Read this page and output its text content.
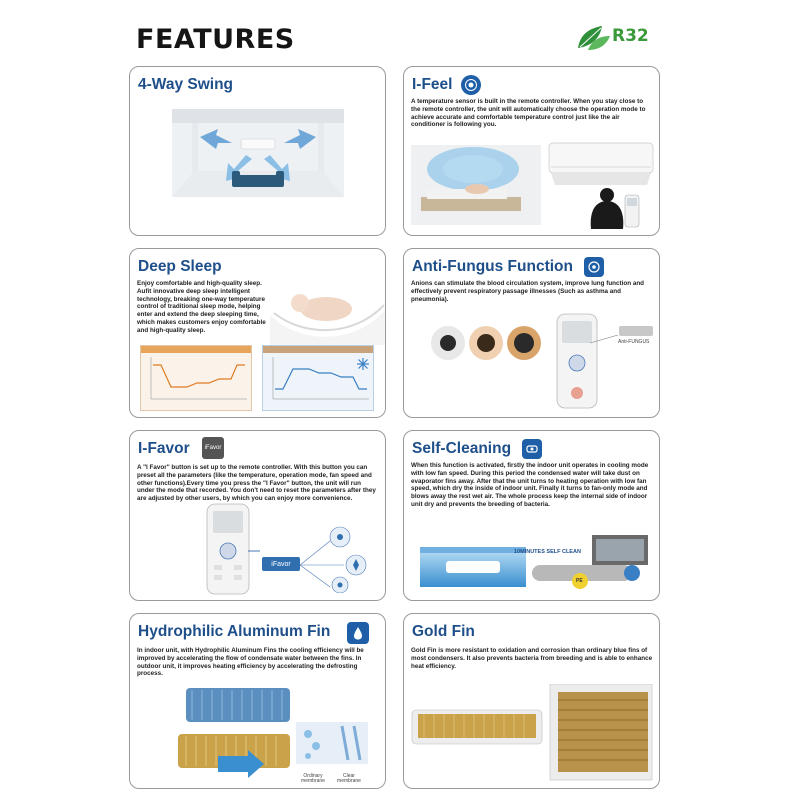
FEATURES	R32
4-Way Swing	I-Feel
A temperature sensor is built in the remote controller. When you stay close to the remote controller, the unit will automatically choose the operation mode to achieve accurate and comfortable temperature control just like the air conditioner is following you.
Deep Sleep
Enjoy comfortable and high-quality sleep. Aufit innovative deep sleep intelligent technology, breaking one-way temperature control of traditional sleep mode, helping enter and extend the deep sleeping time, which makes customers enjoy comfortable and high-quality sleep.
Anti-Fungus Function
Anions can stimulate the blood circulation system, improve lung function and effectively prevent respiratory passage illnesses (Such as asthma and pneumonia).
Anti-FUNGUS
I-Favor iFavor
A "I Favor" button is set up to the remote controller. With this button you can preset all the parameters (like the temperature, operation mode, fan speed and other functions).Every time you press the "I Favor" button, the unit will run under the mode that recorded. You don't need to reset the parameters after they are adjusted by other users, by which you can enjoy more convenience.
iFavor
Self-Cleaning
When this function is activated, firstly the indoor unit operates in cooling mode with low fan speed. During this period the condensed water will take dust on evaporator fins away. After that the unit turns to heating operation with low fan speed, which dry the inside of indoor unit. Finally it turns to fan-only mode and blows away the rest wet air. The whole process keep the internal side of indoor unit dry and prevents the breeding of bacteria.
10MINUTES SELF CLEAN
PE
Hydrophilic Aluminum Fin
In indoor unit, with Hydrophilic Aluminum Fins the cooling efficiency will be improved by accelerating the flow of condensate water between the fins. In outdoor unit, it improves heating efficiency by accelerating the defrosting process.
Ordinary membrane
Clear membrane
Gold Fin
Gold Fin is more resistant to oxidation and corrosion than ordinary blue fins of most condensers. It also prevents bacteria from breeding and is able to enhance heat efficiency.
